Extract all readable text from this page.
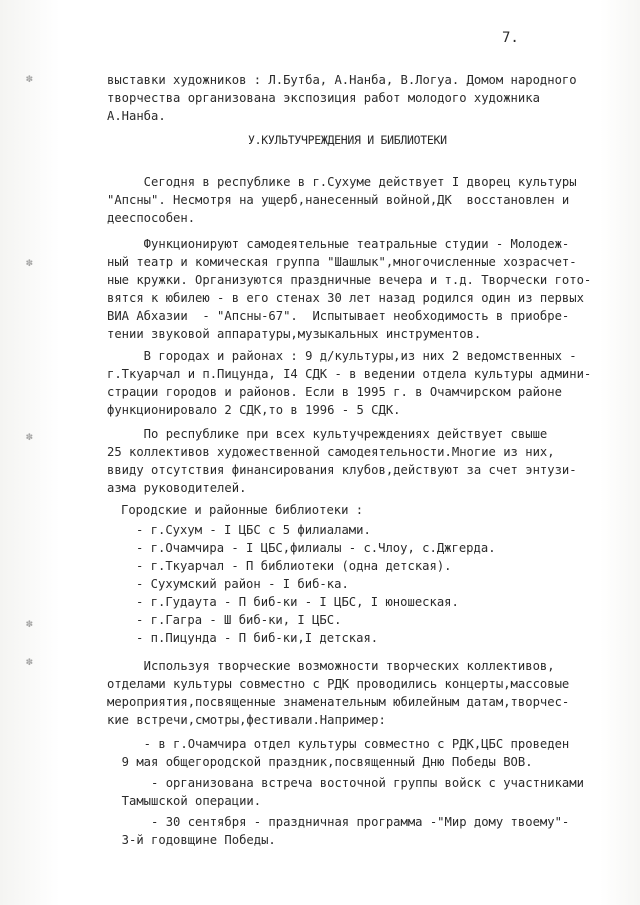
✽
✽
✽
✽
✽
7.
выставки художников : Л.Бутба, А.Нанба, В.Логуа. Домом народного
творчества организована экспозиция работ молодого художника
А.Нанба.
У.КУЛЬТУЧРЕЖДЕНИЯ И БИБЛИОТЕКИ
Сегодня в республике в г.Сухуме действует I дворец культуры
"Апсны". Несмотря на ущерб,нанесенный войной,ДК  восстановлен и
дееспособен.
Функционируют самодеятельные театральные студии - Молодеж-
ный театр и комическая группа "Шашлык",многочисленные хозрасчет-
ные кружки. Организуются праздничные вечера и т.д. Творчески гото-
вятся к юбилею - в его стенах 30 лет назад родился один из первых
ВИА Абхазии  - "Апсны-67".  Испытывает необходимость в приобре-
тении звуковой аппаратуры,музыкальных инструментов.
В городах и районах : 9 д/культуры,из них 2 ведомственных -
г.Ткуарчал и п.Пицунда, I4 СДК - в ведении отдела культуры админи-
страции городов и районов. Если в 1995 г. в Очамчирском районе
функционировало 2 СДК,то в 1996 - 5 СДК.
По республике при всех культучреждениях действует свыше
25 коллективов художественной самодеятельности.Многие из них,
ввиду отсутствия финансирования клубов,действуют за счет энтузи-
азма руководителей.
Городские и районные библиотеки :
- г.Сухум - I ЦБС с 5 филиалами.
- г.Очамчира - I ЦБС,филиалы - с.Члоу, с.Джгерда.
- г.Ткуарчал - П библиотеки (одна детская).
- Сухумский район - I биб-ка.
- г.Гудаута - П биб-ки - I ЦБС, I юношеская.
- г.Гагра - Ш биб-ки, I ЦБС.
- п.Пицунда - П биб-ки,I детская.
Используя творческие возможности творческих коллективов,
отделами культуры совместно с РДК проводились концерты,массовые
мероприятия,посвященные знаменательным юбилейным датам,творчес-
кие встречи,смотры,фестивали.Например:
- в г.Очамчира отдел культуры совместно с РДК,ЦБС проведен
9 мая общегородской праздник,посвященный Дню Победы ВОВ.
- организована встреча восточной группы войск с участниками
Тамышской операции.
- 30 сентября - праздничная программа -"Мир дому твоему"-
3-й годовщине Победы.
